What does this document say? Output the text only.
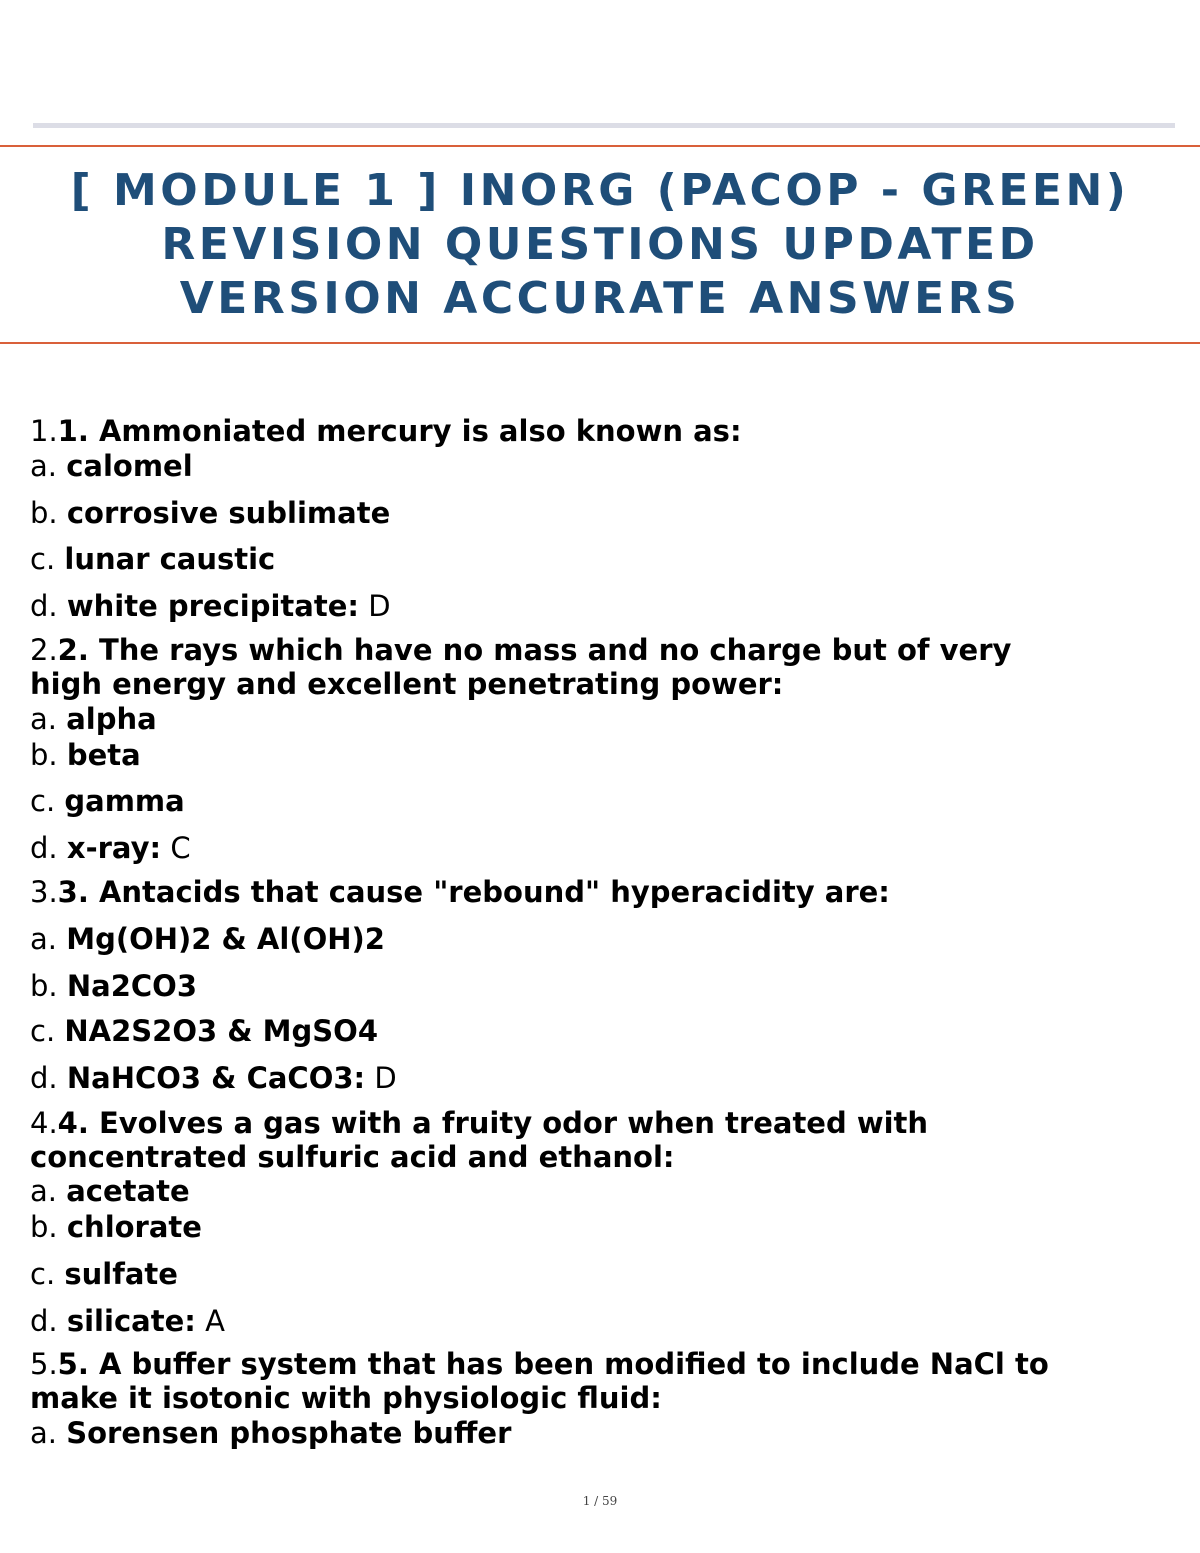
[ MODULE 1 ] INORG (PACOP - GREEN)
REVISION QUESTIONS UPDATED
VERSION ACCURATE ANSWERS
1.1. Ammoniated mercury is also known as:
a. calomel
b. corrosive sublimate
c. lunar caustic
d. white precipitate: D
2.2. The rays which have no mass and no charge but of very
high energy and excellent penetrating power:
a. alpha
b. beta
c. gamma
d. x-ray: C
3.3. Antacids that cause "rebound" hyperacidity are:
a. Mg(OH)2 & Al(OH)2
b. Na2CO3
c. NA2S2O3 & MgSO4
d. NaHCO3 & CaCO3: D
4.4. Evolves a gas with a fruity odor when treated with
concentrated sulfuric acid and ethanol:
a. acetate
b. chlorate
c. sulfate
d. silicate: A
5.5. A buffer system that has been modified to include NaCl to
make it isotonic with physiologic fluid:
a. Sorensen phosphate buffer
1 / 59
